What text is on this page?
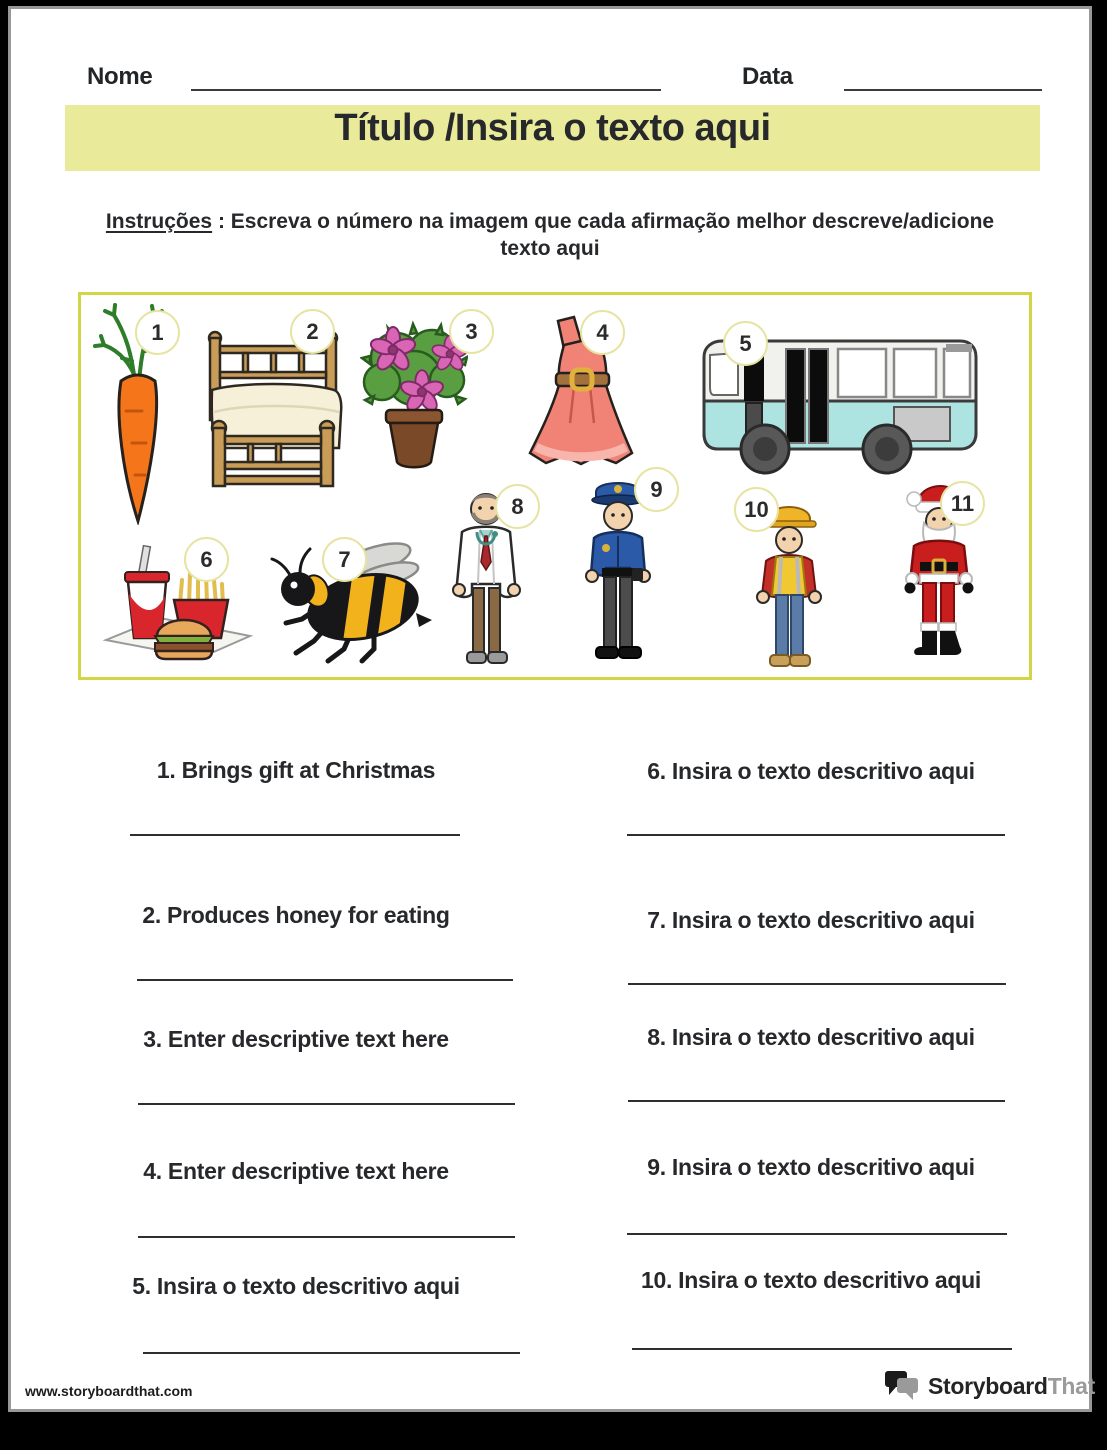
Nome	Data
Título /Insira o texto aqui

Instruções : Escreva o número na imagem que cada afirmação melhor descreve/adicione texto aqui

1	2	3	4	5
6	7
8
9
10	11

1. Brings gift at Christmas

2. Produces honey for eating

3. Enter descriptive text here

4. Enter descriptive text here

5. Insira o texto descritivo aqui

6. Insira o texto descritivo aqui

7. Insira o texto descritivo aqui

8. Insira o texto descritivo aqui

9. Insira o texto descritivo aqui

10. Insira o texto descritivo aqui

www.storyboardthat.com	StoryboardThat
